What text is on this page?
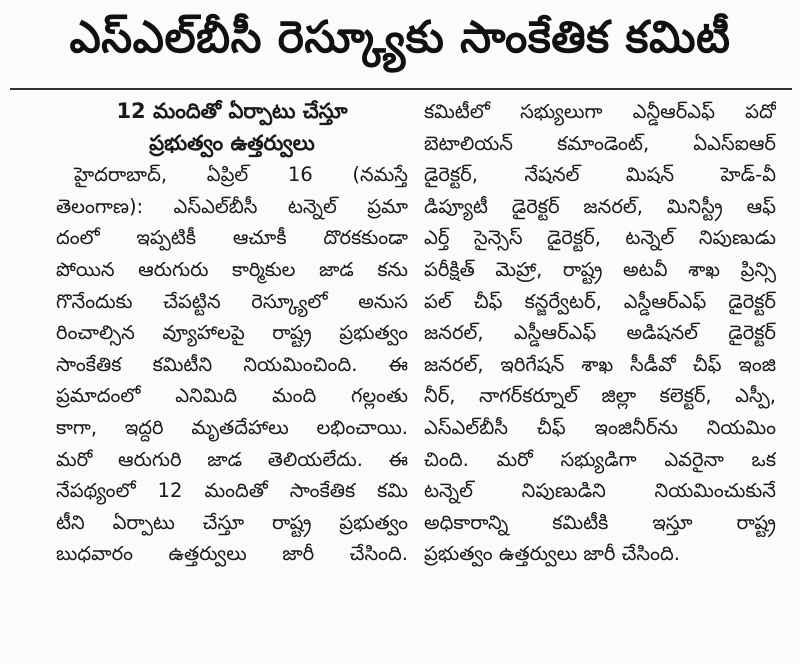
ఎస్ఎల్‌బీసీ రెస్క్యూకు సాంకేతిక కమిటీ
12 మందితో ఏర్పాటు చేస్తూ
ప్రభుత్వం ఉత్తర్వులు
హైదరాబాద్, ఏప్రిల్ 16 (నమస్తే
తెలంగాణ): ఎస్ఎల్‌బీసీ టన్నెల్ ప్రమా
దంలో ఇప్పటికీ ఆచూకీ దొరకకుండా
పోయిన ఆరుగురు కార్మికుల జాడ కను
గొనేందుకు చేపట్టిన రెస్క్యూలో అనుస
రించాల్సిన వ్యూహాలపై రాష్ట్ర ప్రభుత్వం
సాంకేతిక కమిటీని నియమించింది. ఈ
ప్రమాదంలో ఎనిమిది మంది గల్లంతు
కాగా, ఇద్దరి మృతదేహాలు లభించాయి.
మరో ఆరుగురి జాడ తెలియలేదు. ఈ
నేపథ్యంలో 12 మందితో సాంకేతిక కమి
టీని ఏర్పాటు చేస్తూ రాష్ట్ర ప్రభుత్వం
బుధవారం ఉత్తర్వులు జారీ చేసింది.
కమిటీలో సభ్యులుగా ఎన్డీఆర్ఎఫ్ పదో
బెటాలియన్ కమాండెంట్, ఏఎస్ఐఆర్
డైరెక్టర్, నేషనల్ మిషన్ హెడ్-వీ
డిప్యూటీ డైరెక్టర్ జనరల్, మినిస్ట్రీ ఆఫ్
ఎర్త్ సైన్సెస్ డైరెక్టర్, టన్నెల్ నిపుణుడు
పరీక్షిత్ మెహ్రా, రాష్ట్ర అటవీ శాఖ ప్రిన్సి
పల్ చీఫ్ కన్జర్వేటర్, ఎస్డీఆర్ఎఫ్ డైరెక్టర్
జనరల్, ఎస్డీఆర్ఎఫ్ అడిషనల్ డైరెక్టర్
జనరల్, ఇరిగేషన్ శాఖ సీడీవో చీఫ్ ఇంజి
నీర్, నాగర్‌కర్నూల్ జిల్లా కలెక్టర్, ఎస్పీ,
ఎస్ఎల్‌బీసీ చీఫ్ ఇంజినీర్‌ను నియమిం
చింది. మరో సభ్యుడిగా ఎవరైనా ఒక
టన్నెల్ నిపుణుడిని నియమించుకునే
అధికారాన్ని కమిటీకి ఇస్తూ రాష్ట్ర
ప్రభుత్వం ఉత్తర్వులు జారీ చేసింది.
